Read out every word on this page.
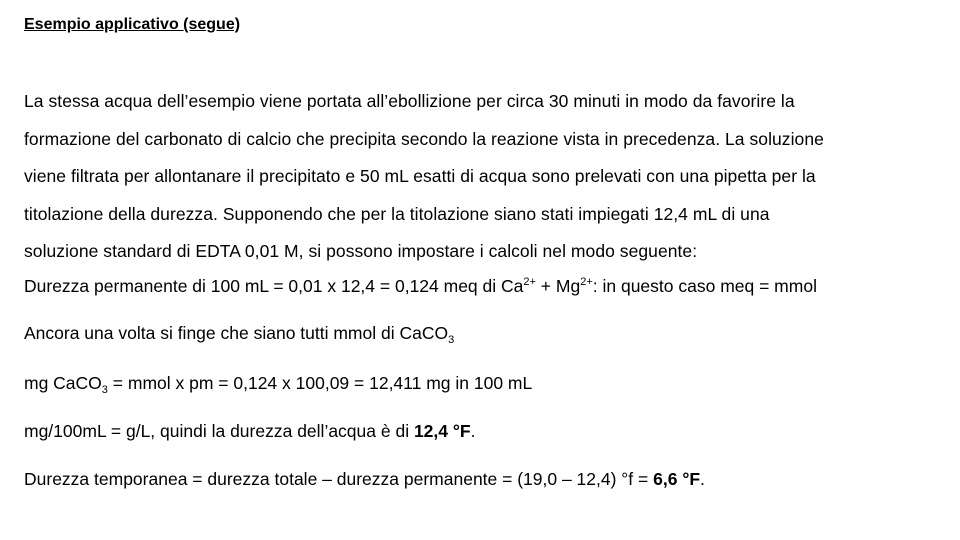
Esempio applicativo (segue)
La stessa acqua dell’esempio viene portata all’ebollizione per circa 30 minuti in modo da favorire la
formazione del carbonato di calcio che precipita secondo la reazione vista in precedenza. La soluzione
viene filtrata per allontanare il precipitato e 50 mL esatti di acqua sono prelevati con una pipetta per la
titolazione della durezza. Supponendo che per la titolazione siano stati impiegati 12,4 mL di una
soluzione standard di EDTA 0,01 M, si possono impostare i calcoli nel modo seguente:
Durezza permanente di 100 mL = 0,01 x 12,4 = 0,124 meq di $Ca^{2+} + Mg^{2+}$: in questo caso meq = mmol
Ancora una volta si finge che siano tutti mmol di CaCO$_3$
mg CaCO$_3$ = mmol x pm = 0,124 x 100,09 = 12,411 mg in 100 mL
mg/100mL = g/L, quindi la durezza dell’acqua è di 12,4 °F.
Durezza temporanea = durezza totale – durezza permanente = (19,0 – 12,4) °f = 6,6 °F.
